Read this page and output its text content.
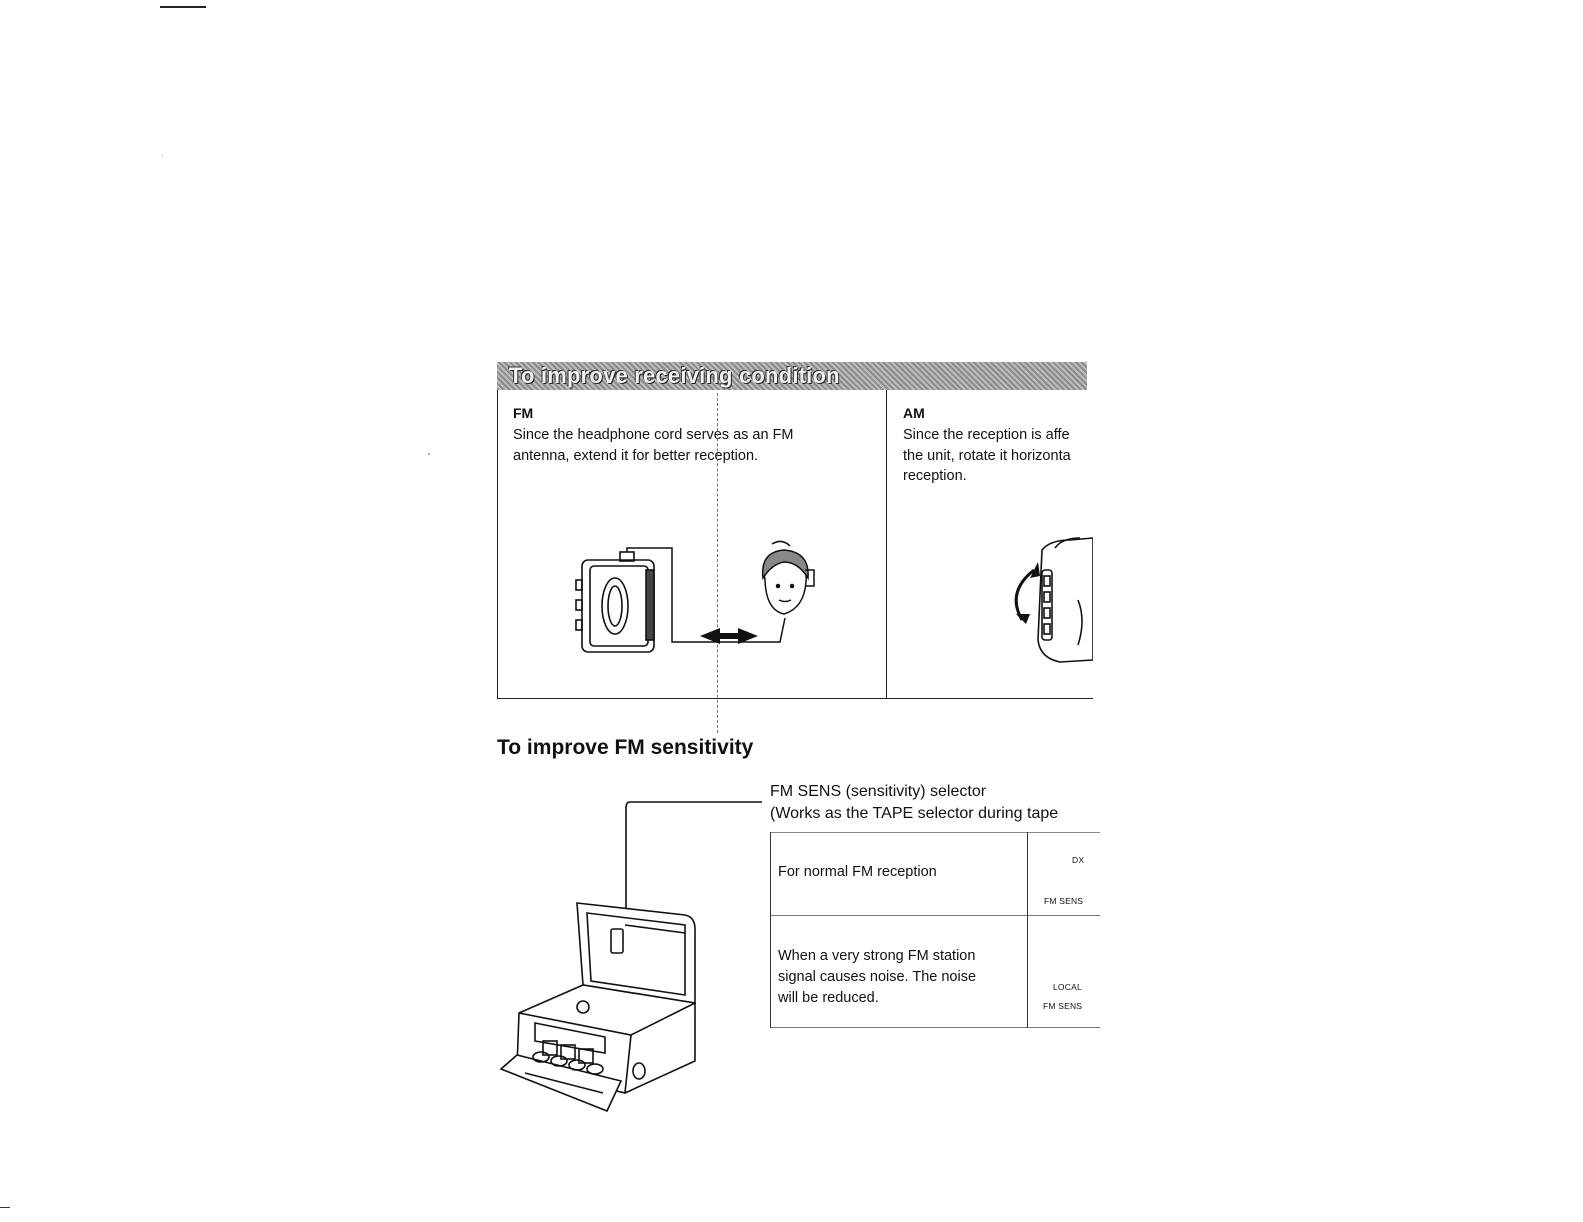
To improve receiving condition
FM
Since the headphone cord serves as an FM
antenna, extend it for better reception.
AM
Since the reception is affe
the unit, rotate it horizonta
reception.
To improve FM sensitivity
FM SENS (sensitivity) selector
(Works as the TAPE selector during tape
For normal FM reception
DX
FM SENS
When a very strong FM station
signal causes noise. The noise
will be reduced.
LOCAL
FM SENS
